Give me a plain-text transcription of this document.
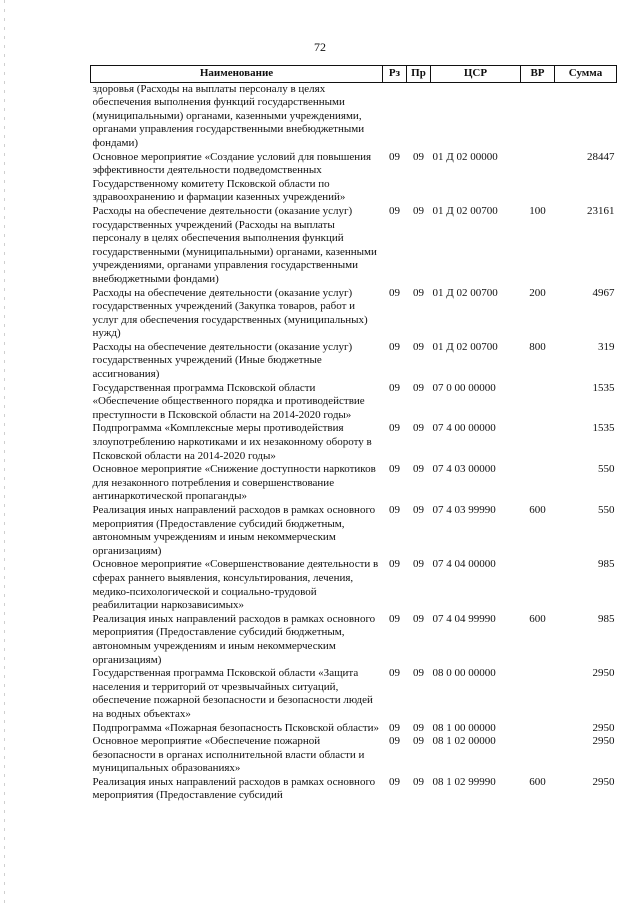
72
Наименование	Рз	Пр	ЦСР	ВР	Сумма
здоровья (Расходы на выплаты персоналу в целях обеспечения выполнения функций государственными (муниципальными) органами, казенными учреждениями, органами управления государственными внебюджетными фондами)					
Основное мероприятие «Создание условий для повышения эффективности деятельности подведомственных Государственному комитету Псковской области по здравоохранению и фармации казенных учреждений»	09	09	01 Д 02 00000		28447
Расходы на обеспечение деятельности (оказание услуг) государственных учреждений (Расходы на выплаты персоналу в целях обеспечения выполнения функций государственными (муниципальными) органами, казенными учреждениями, органами управления государственными внебюджетными фондами)	09	09	01 Д 02 00700	100	23161
Расходы на обеспечение деятельности (оказание услуг) государственных учреждений (Закупка товаров, работ и услуг для обеспечения государственных (муниципальных) нужд)	09	09	01 Д 02 00700	200	4967
Расходы на обеспечение деятельности (оказание услуг) государственных учреждений (Иные бюджетные ассигнования)	09	09	01 Д 02 00700	800	319
Государственная программа Псковской области «Обеспечение общественного порядка и противодействие преступности в Псковской области на 2014-2020 годы»	09	09	07 0 00 00000		1535
Подпрограмма «Комплексные меры противодействия злоупотреблению наркотиками и их незаконному обороту в Псковской области на 2014-2020 годы»	09	09	07 4 00 00000		1535
Основное мероприятие «Снижение доступности наркотиков для незаконного потребления и совершенствование антинаркотической пропаганды»	09	09	07 4 03 00000		550
Реализация иных направлений расходов в рамках основного мероприятия (Предоставление субсидий бюджетным, автономным учреждениям и иным некоммерческим организациям)	09	09	07 4 03 99990	600	550
Основное мероприятие «Совершенствование деятельности в сферах раннего выявления, консультирования, лечения, медико-психологической и социально-трудовой реабилитации наркозависимых»	09	09	07 4 04 00000		985
Реализация иных направлений расходов в рамках основного мероприятия (Предоставление субсидий бюджетным, автономным учреждениям и иным некоммерческим организациям)	09	09	07 4 04 99990	600	985
Государственная программа Псковской области «Защита населения и территорий от чрезвычайных ситуаций, обеспечение пожарной безопасности и безопасности людей на водных объектах»	09	09	08 0 00 00000		2950
Подпрограмма «Пожарная безопасность Псковской области»	09	09	08 1 00 00000		2950
Основное мероприятие «Обеспечение пожарной безопасности в органах исполнительной власти области и муниципальных образованиях»	09	09	08 1 02 00000		2950
Реализация иных направлений расходов в рамках основного мероприятия (Предоставление субсидий	09	09	08 1 02 99990	600	2950
